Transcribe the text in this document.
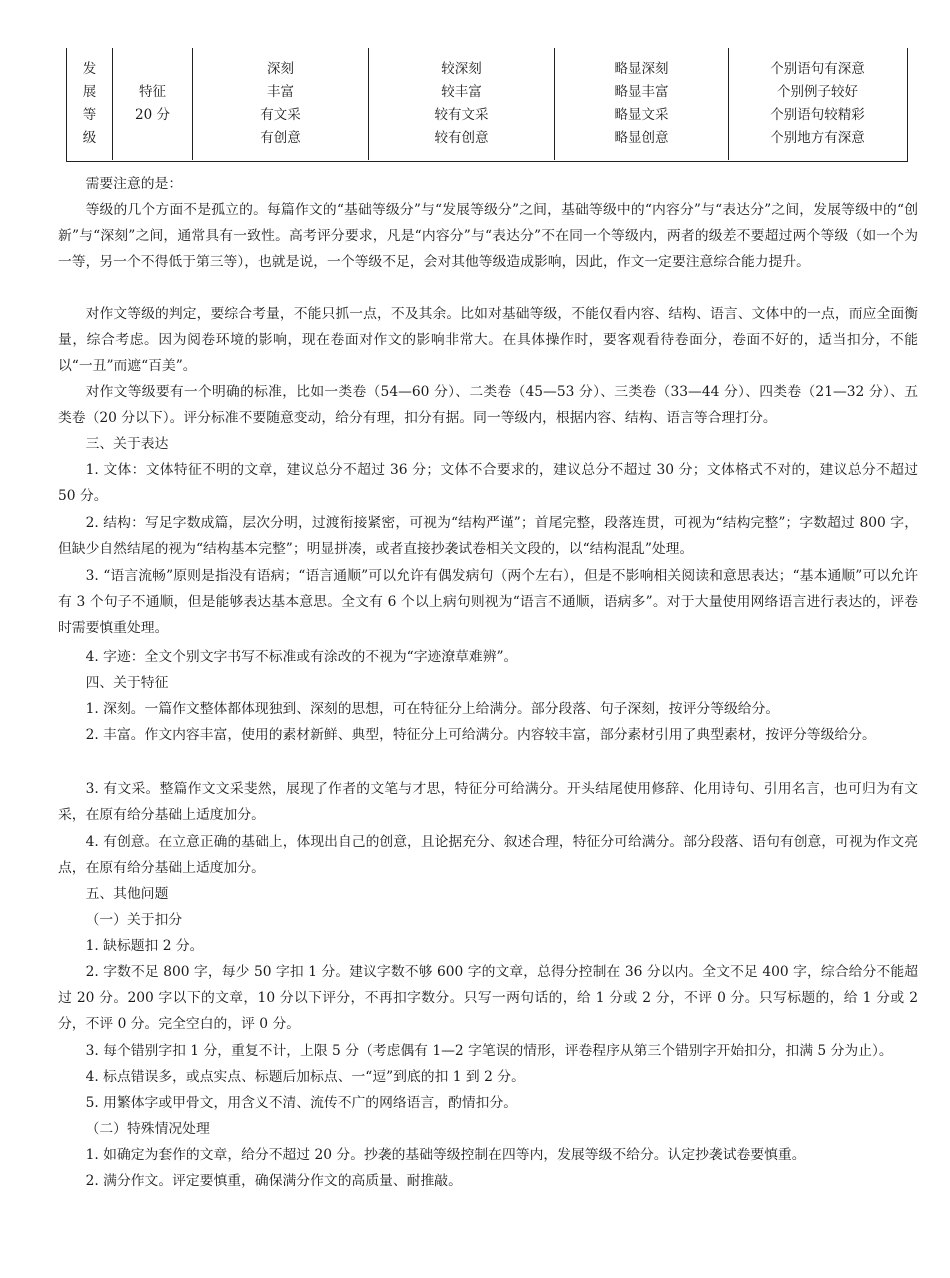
发
展
等
级
特征
20 分
深刻
丰富
有文采
有创意
较深刻
较丰富
较有文采
较有创意
略显深刻
略显丰富
略显文采
略显创意
个别语句有深意
个别例子较好
个别语句较精彩
个别地方有深意

需要注意的是：

等级的几个方面不是孤立的。每篇作文的“基础等级分”与“发展等级分”之间，基础等级中的“内容分”与“表达分”之间，发展等级中的“创新”与“深刻”之间，通常具有一致性。高考评分要求，凡是“内容分”与“表达分”不在同一个等级内，两者的级差不要超过两个等级（如一个为一等，另一个不得低于第三等），也就是说，一个等级不足，会对其他等级造成影响，因此，作文一定要注意综合能力提升。

对作文等级的判定，要综合考量，不能只抓一点，不及其余。比如对基础等级，不能仅看内容、结构、语言、文体中的一点，而应全面衡量，综合考虑。因为阅卷环境的影响，现在卷面对作文的影响非常大。在具体操作时，要客观看待卷面分，卷面不好的，适当扣分，不能以“一丑”而遮“百美”。

对作文等级要有一个明确的标准，比如一类卷（54—60 分）、二类卷（45—53 分）、三类卷（33—44 分）、四类卷（21—32 分）、五类卷（20 分以下）。评分标准不要随意变动，给分有理，扣分有据。同一等级内，根据内容、结构、语言等合理打分。

三、关于表达

1. 文体：文体特征不明的文章，建议总分不超过 36 分；文体不合要求的，建议总分不超过 30 分；文体格式不对的，建议总分不超过 50 分。

2. 结构：写足字数成篇，层次分明，过渡衔接紧密，可视为“结构严谨”；首尾完整，段落连贯，可视为“结构完整”；字数超过 800 字，但缺少自然结尾的视为“结构基本完整”；明显拼凑，或者直接抄袭试卷相关文段的，以“结构混乱”处理。

3. “语言流畅”原则是指没有语病；“语言通顺”可以允许有偶发病句（两个左右），但是不影响相关阅读和意思表达；“基本通顺”可以允许有 3 个句子不通顺，但是能够表达基本意思。全文有 6 个以上病句则视为“语言不通顺，语病多”。对于大量使用网络语言进行表达的，评卷时需要慎重处理。

4. 字迹：全文个别文字书写不标准或有涂改的不视为“字迹潦草难辨”。

四、关于特征

1. 深刻。一篇作文整体都体现独到、深刻的思想，可在特征分上给满分。部分段落、句子深刻，按评分等级给分。

2. 丰富。作文内容丰富，使用的素材新鲜、典型，特征分上可给满分。内容较丰富，部分素材引用了典型素材，按评分等级给分。

3. 有文采。整篇作文文采斐然，展现了作者的文笔与才思，特征分可给满分。开头结尾使用修辞、化用诗句、引用名言，也可归为有文采，在原有给分基础上适度加分。

4. 有创意。在立意正确的基础上，体现出自己的创意，且论据充分、叙述合理，特征分可给满分。部分段落、语句有创意，可视为作文亮点，在原有给分基础上适度加分。

五、其他问题

（一）关于扣分

1. 缺标题扣 2 分。

2. 字数不足 800 字，每少 50 字扣 1 分。建议字数不够 600 字的文章，总得分控制在 36 分以内。全文不足 400 字，综合给分不能超过 20 分。200 字以下的文章，10 分以下评分，不再扣字数分。只写一两句话的，给 1 分或 2 分，不评 0 分。只写标题的，给 1 分或 2 分，不评 0 分。完全空白的，评 0 分。

3. 每个错别字扣 1 分，重复不计，上限 5 分（考虑偶有 1—2 字笔误的情形，评卷程序从第三个错别字开始扣分，扣满 5 分为止）。

4. 标点错误多，或点实点、标题后加标点、一“逗”到底的扣 1 到 2 分。

5. 用繁体字或甲骨文，用含义不清、流传不广的网络语言，酌情扣分。

（二）特殊情况处理

1. 如确定为套作的文章，给分不超过 20 分。抄袭的基础等级控制在四等内，发展等级不给分。认定抄袭试卷要慎重。

2. 满分作文。评定要慎重，确保满分作文的高质量、耐推敲。
